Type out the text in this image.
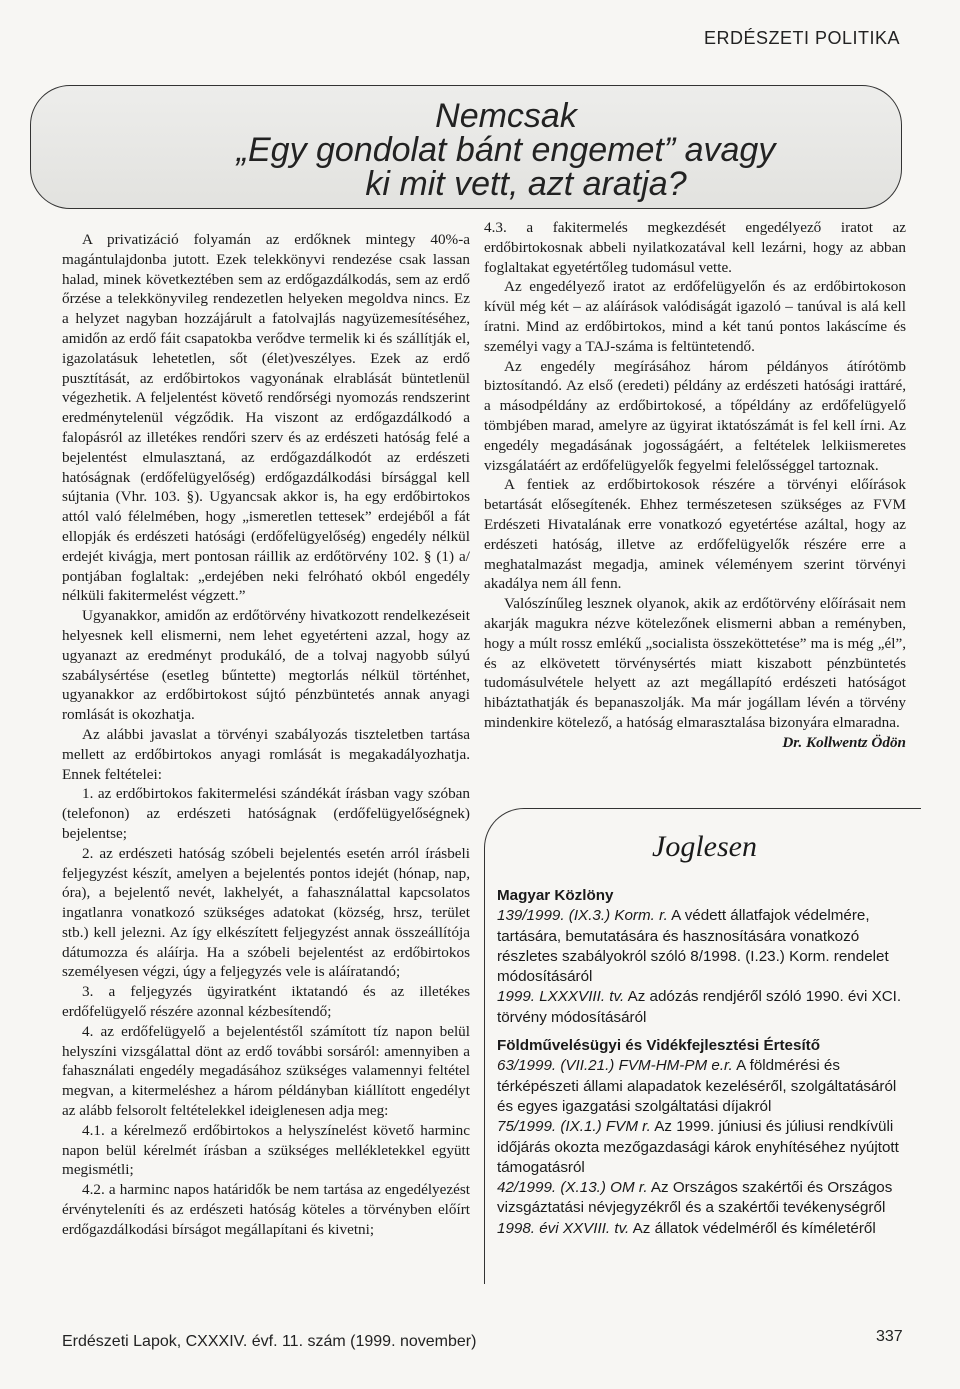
ERDÉSZETI POLITIKA
Nemcsak
„Egy gondolat bánt engemet” avagy
ki mit vett, azt aratja?

A privatizáció folyamán az erdőknek mintegy 40%-a magántulajdonba jutott. Ezek telekkönyvi rendezése csak lassan halad, minek következtében sem az erdőgazdálkodás, sem az erdő őrzése a telekkönyvileg rendezetlen helyeken megoldva nincs. Ez a helyzet nagyban hozzájárult a fatolvajlás nagyüzemesítéséhez, amidőn az erdő fáit csapatokba verődve termelik ki és szállítják el, igazolatásuk lehetetlen, sőt (élet)veszélyes. Ezek az erdő pusztítását, az erdőbirtokos vagyonának elrablását büntetlenül végezhetik. A feljelentést követő rendőrségi nyomozás rendszerint eredménytelenül végződik. Ha viszont az erdőgazdálkodó a falopásról az illetékes rendőri szerv és az erdészeti hatóság felé a bejelentést elmulasztaná, az erdőgazdálkodót az erdészeti hatóságnak (erdőfelügyelőség) erdőgazdálkodási bírsággal kell sújtania (Vhr. 103. §). Ugyancsak akkor is, ha egy erdőbirtokos attól való félelmében, hogy „ismeretlen tettesek” erdejéből a fát ellopják és erdészeti hatósági (erdőfelügyelőség) engedély nélkül erdejét kivágja, mert pontosan ráillik az erdőtörvény 102. § (1) a/ pontjában foglaltak: „erdejében neki felróható okból engedély nélküli fakitermelést végzett.”

Ugyanakkor, amidőn az erdőtörvény hivatkozott rendelkezéseit helyesnek kell elismerni, nem lehet egyetérteni azzal, hogy az ugyanazt az eredményt produkáló, de a tolvaj nagyobb súlyú szabálysértése (esetleg bűntette) megtorlás nélkül történhet, ugyanakkor az erdőbirtokost sújtó pénzbüntetés annak anyagi romlását is okozhatja.

Az alábbi javaslat a törvényi szabályozás tiszteletben tartása mellett az erdőbirtokos anyagi romlását is megakadályozhatja. Ennek feltételei:

1. az erdőbirtokos fakitermelési szándékát írásban vagy szóban (telefonon) az erdészeti hatóságnak (erdőfelügyelőségnek) bejelentse;

2. az erdészeti hatóság szóbeli bejelentés esetén arról írásbeli feljegyzést készít, amelyen a bejelentés pontos idejét (hónap, nap, óra), a bejelentő nevét, lakhelyét, a fahasználattal kapcsolatos ingatlanra vonatkozó szükséges adatokat (község, hrsz, terület stb.) kell jelezni. Az így elkészített feljegyzést annak összeállítója dátumozza és aláírja. Ha a szóbeli bejelentést az erdőbirtokos személyesen végzi, úgy a feljegyzés vele is aláíratandó;

3. a feljegyzés ügyiratként iktatandó és az illetékes erdőfelügyelő részére azonnal kézbesítendő;

4. az erdőfelügyelő a bejelentéstől számított tíz napon belül helyszíni vizsgálattal dönt az erdő további sorsáról: amennyiben a fahasználati engedély megadásához szükséges valamennyi feltétel megvan, a kitermeléshez a három példányban kiállított engedélyt az alább felsorolt feltételekkel ideiglenesen adja meg:

4.1. a kérelmező erdőbirtokos a helyszínelést követő harminc napon belül kérelmét írásban a szükséges mellékletekkel együtt megismétli;

4.2. a harminc napos határidők be nem tartása az engedélyezést érvényteleníti és az erdészeti hatóság köteles a törvényben előírt erdőgazdálkodási bírságot megállapítani és kivetni;

4.3. a fakitermelés megkezdését engedélyező iratot az erdőbirtokosnak abbeli nyilatkozatával kell lezárni, hogy az abban foglaltakat egyetértőleg tudomásul vette.

Az engedélyező iratot az erdőfelügyelőn és az erdőbirtokoson kívül még két – az aláírások valódiságát igazoló – tanúval is alá kell íratni. Mind az erdőbirtokos, mind a két tanú pontos lakáscíme és személyi vagy a TAJ-száma is feltüntetendő.

Az engedély megírásához három példányos átírótömb biztosítandó. Az első (eredeti) példány az erdészeti hatósági irattáré, a másodpéldány az erdőbirtokosé, a tőpéldány az erdőfelügyelő tömbjében marad, amelyre az ügyirat iktatószámát is fel kell írni. Az engedély megadásának jogosságáért, a feltételek lelkiismeretes vizsgálatáért az erdőfelügyelők fegyelmi felelősséggel tartoznak.

A fentiek az erdőbirtokosok részére a törvényi előírások betartását elősegítenék. Ehhez természetesen szükséges az FVM Erdészeti Hivatalának erre vonatkozó egyetértése azáltal, hogy az erdészeti hatóság, illetve az erdőfelügyelők részére erre a meghatalmazást megadja, aminek véleményem szerint törvényi akadálya nem áll fenn.

Valószínűleg lesznek olyanok, akik az erdőtörvény előírásait nem akarják magukra nézve kötelezőnek elismerni abban a reményben, hogy a múlt rossz emlékű „socialista összeköttetése” ma is még „él”, és az elkövetett törvénysértés miatt kiszabott pénzbüntetés tudomásulvétele helyett az azt megállapító erdészeti hatóságot hibáztathatják és bepanaszolják. Ma már jogállam lévén a törvény mindenkire kötelező, a hatóság elmarasztalása bizonyára elmaradna.

Dr. Kollwentz Ödön

Joglesen
Magyar Közlöny

139/1999. (IX.3.) Korm. r. A védett állatfajok védelmére, tartására, bemutatására és hasznosítására vonatkozó részletes szabályokról szóló 8/1998. (I.23.) Korm. rendelet módosításáról

1999. LXXXVIII. tv. Az adózás rendjéről szóló 1990. évi XCI. törvény módosításáról

Földművelésügyi és Vidékfejlesztési Értesítő

63/1999. (VII.21.) FVM-HM-PM e.r. A földmérési és térképészeti állami alapadatok kezeléséről, szolgáltatásáról és egyes igazgatási szolgáltatási díjakról

75/1999. (IX.1.) FVM r. Az 1999. júniusi és júliusi rendkívüli időjárás okozta mezőgazdasági károk enyhítéséhez nyújtott támogatásról

42/1999. (X.13.) OM r. Az Országos szakértői és Országos vizsgáztatási névjegyzékről és a szakértői tevékenységről

1998. évi XXVIII. tv. Az állatok védelméről és kíméletéről

Erdészeti Lapok, CXXXIV. évf. 11. szám (1999. november)	337
